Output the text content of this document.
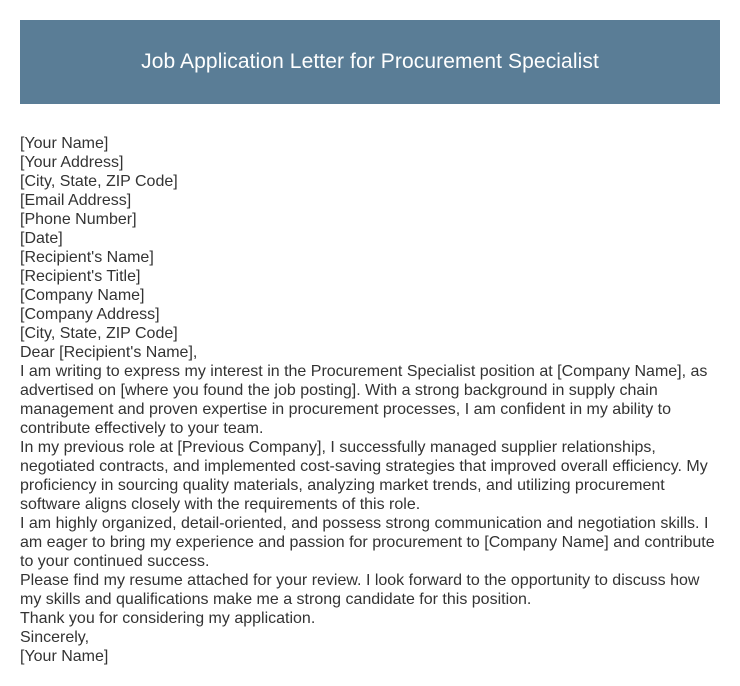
Job Application Letter for Procurement Specialist
[Your Name]
[Your Address]
[City, State, ZIP Code]
[Email Address]
[Phone Number]
[Date]
[Recipient's Name]
[Recipient's Title]
[Company Name]
[Company Address]
[City, State, ZIP Code]
Dear [Recipient's Name],
I am writing to express my interest in the Procurement Specialist position at [Company Name], as advertised on [where you found the job posting]. With a strong background in supply chain management and proven expertise in procurement processes, I am confident in my ability to contribute effectively to your team.
In my previous role at [Previous Company], I successfully managed supplier relationships, negotiated contracts, and implemented cost-saving strategies that improved overall efficiency. My proficiency in sourcing quality materials, analyzing market trends, and utilizing procurement software aligns closely with the requirements of this role.
I am highly organized, detail-oriented, and possess strong communication and negotiation skills. I am eager to bring my experience and passion for procurement to [Company Name] and contribute to your continued success.
Please find my resume attached for your review. I look forward to the opportunity to discuss how my skills and qualifications make me a strong candidate for this position.
Thank you for considering my application.
Sincerely,
[Your Name]
